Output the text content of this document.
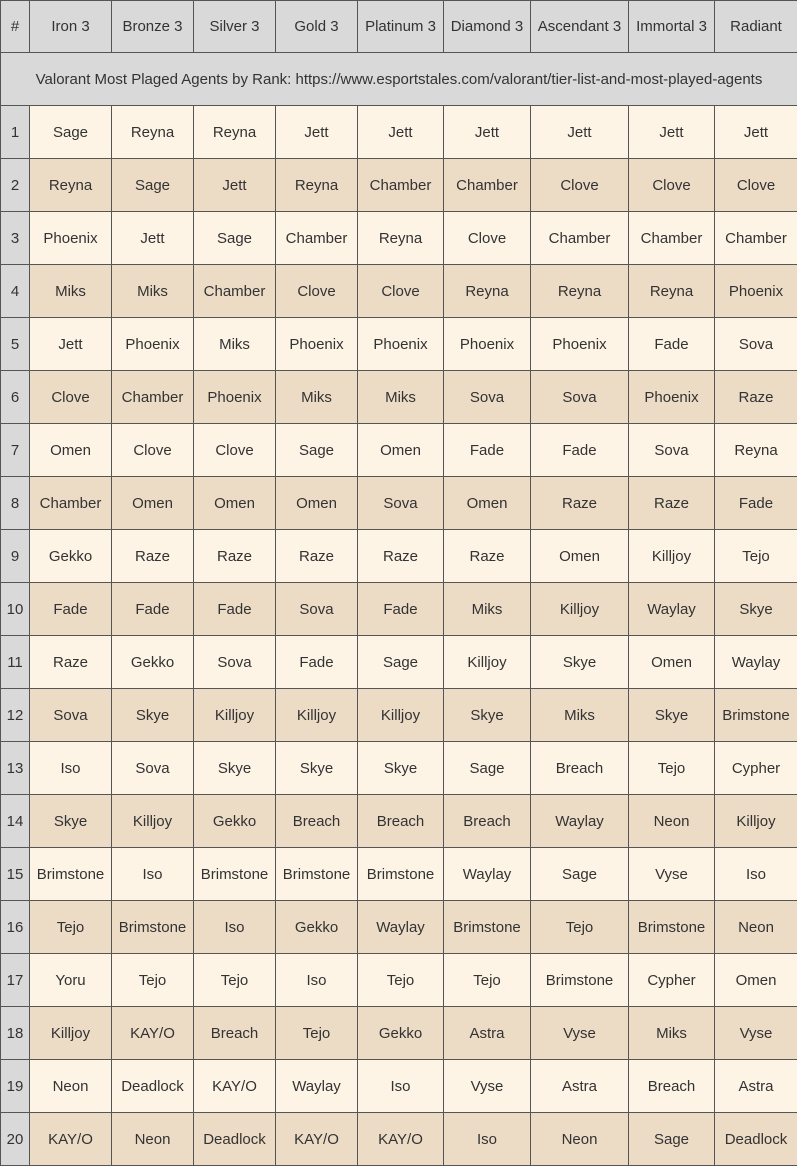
#	Iron 3	Bronze 3	Silver 3	Gold 3	Platinum 3	Diamond 3	Ascendant 3	Immortal 3	Radiant
Valorant Most Plaged Agents by Rank: https://www.esportstales.com/valorant/tier-list-and-most-played-agents									
1	Sage	Reyna	Reyna	Jett	Jett	Jett	Jett	Jett	Jett
2	Reyna	Sage	Jett	Reyna	Chamber	Chamber	Clove	Clove	Clove
3	Phoenix	Jett	Sage	Chamber	Reyna	Clove	Chamber	Chamber	Chamber
4	Miks	Miks	Chamber	Clove	Clove	Reyna	Reyna	Reyna	Phoenix
5	Jett	Phoenix	Miks	Phoenix	Phoenix	Phoenix	Phoenix	Fade	Sova
6	Clove	Chamber	Phoenix	Miks	Miks	Sova	Sova	Phoenix	Raze
7	Omen	Clove	Clove	Sage	Omen	Fade	Fade	Sova	Reyna
8	Chamber	Omen	Omen	Omen	Sova	Omen	Raze	Raze	Fade
9	Gekko	Raze	Raze	Raze	Raze	Raze	Omen	Killjoy	Tejo
10	Fade	Fade	Fade	Sova	Fade	Miks	Killjoy	Waylay	Skye
11	Raze	Gekko	Sova	Fade	Sage	Killjoy	Skye	Omen	Waylay
12	Sova	Skye	Killjoy	Killjoy	Killjoy	Skye	Miks	Skye	Brimstone
13	Iso	Sova	Skye	Skye	Skye	Sage	Breach	Tejo	Cypher
14	Skye	Killjoy	Gekko	Breach	Breach	Breach	Waylay	Neon	Killjoy
15	Brimstone	Iso	Brimstone	Brimstone	Brimstone	Waylay	Sage	Vyse	Iso
16	Tejo	Brimstone	Iso	Gekko	Waylay	Brimstone	Tejo	Brimstone	Neon
17	Yoru	Tejo	Tejo	Iso	Tejo	Tejo	Brimstone	Cypher	Omen
18	Killjoy	KAY/O	Breach	Tejo	Gekko	Astra	Vyse	Miks	Vyse
19	Neon	Deadlock	KAY/O	Waylay	Iso	Vyse	Astra	Breach	Astra
20	KAY/O	Neon	Deadlock	KAY/O	KAY/O	Iso	Neon	Sage	Deadlock
